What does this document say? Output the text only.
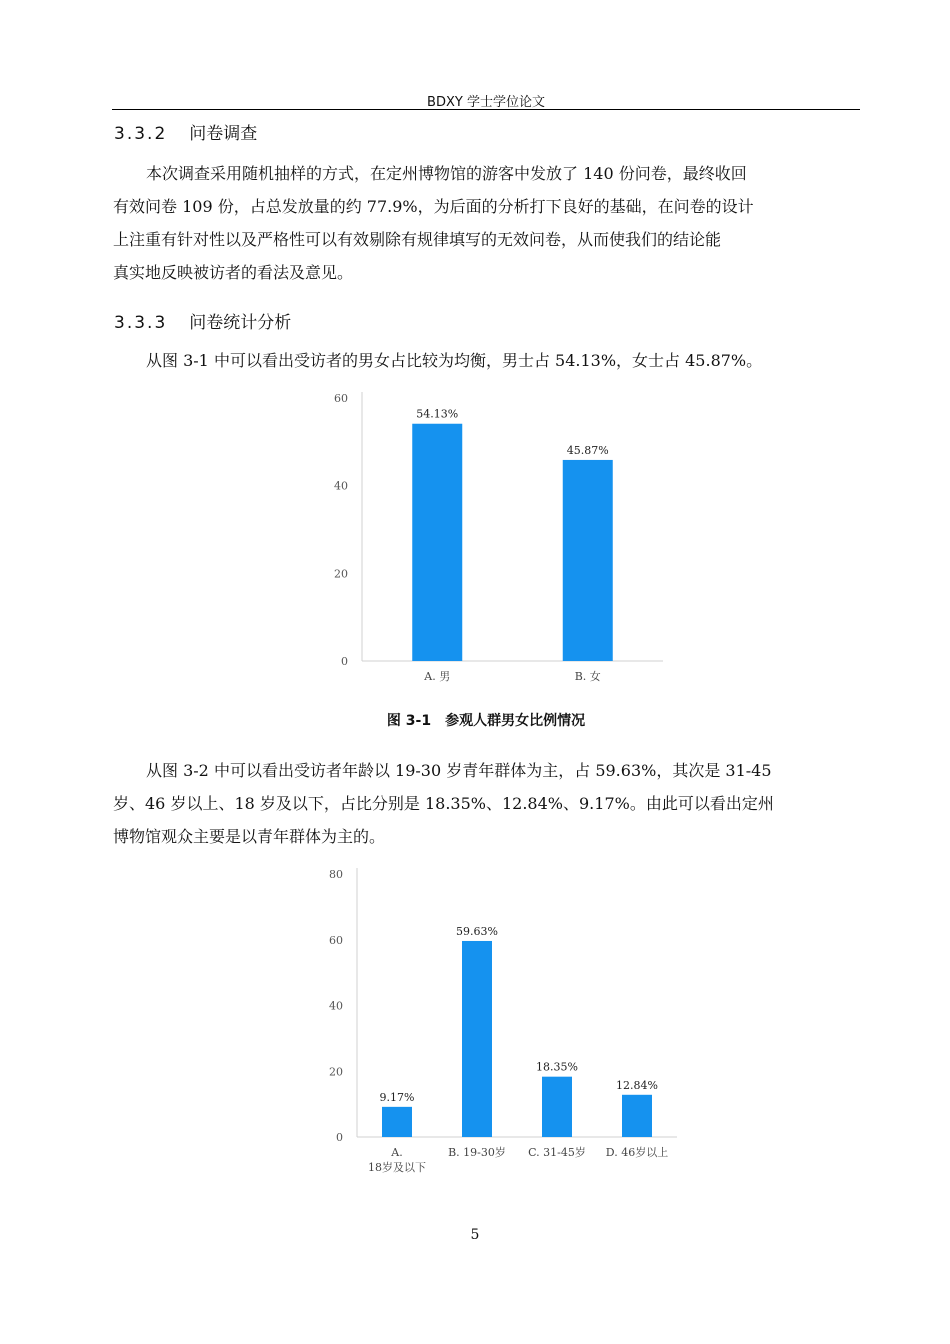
BDXY 学士学位论文
3.3.2 问卷调查
本次调查采用随机抽样的方式，在定州博物馆的游客中发放了 140 份问卷，最终收回
有效问卷 109 份，占总发放量的约 77.9%，为后面的分析打下良好的基础，在问卷的设计
上注重有针对性以及严格性可以有效剔除有规律填写的无效问卷，从而使我们的结论能
真实地反映被访者的看法及意见。
3.3.3 问卷统计分析
从图 3-1 中可以看出受访者的男女占比较为均衡，男士占 54.13%，女士占 45.87%。
0
20
40
60
54.13%
A. 男
45.87%
B. 女
图 3-1 参观人群男女比例情况
从图 3-2 中可以看出受访者年龄以 19-30 岁青年群体为主，占 59.63%，其次是 31-45
岁、46 岁以上、18 岁及以下，占比分别是 18.35%、12.84%、9.17%。由此可以看出定州
博物馆观众主要是以青年群体为主的。
0
20
40
60
80
9.17%
A.
18岁及以下
59.63%
B. 19-30岁
18.35%
C. 31-45岁
12.84%
D. 46岁以上
5
